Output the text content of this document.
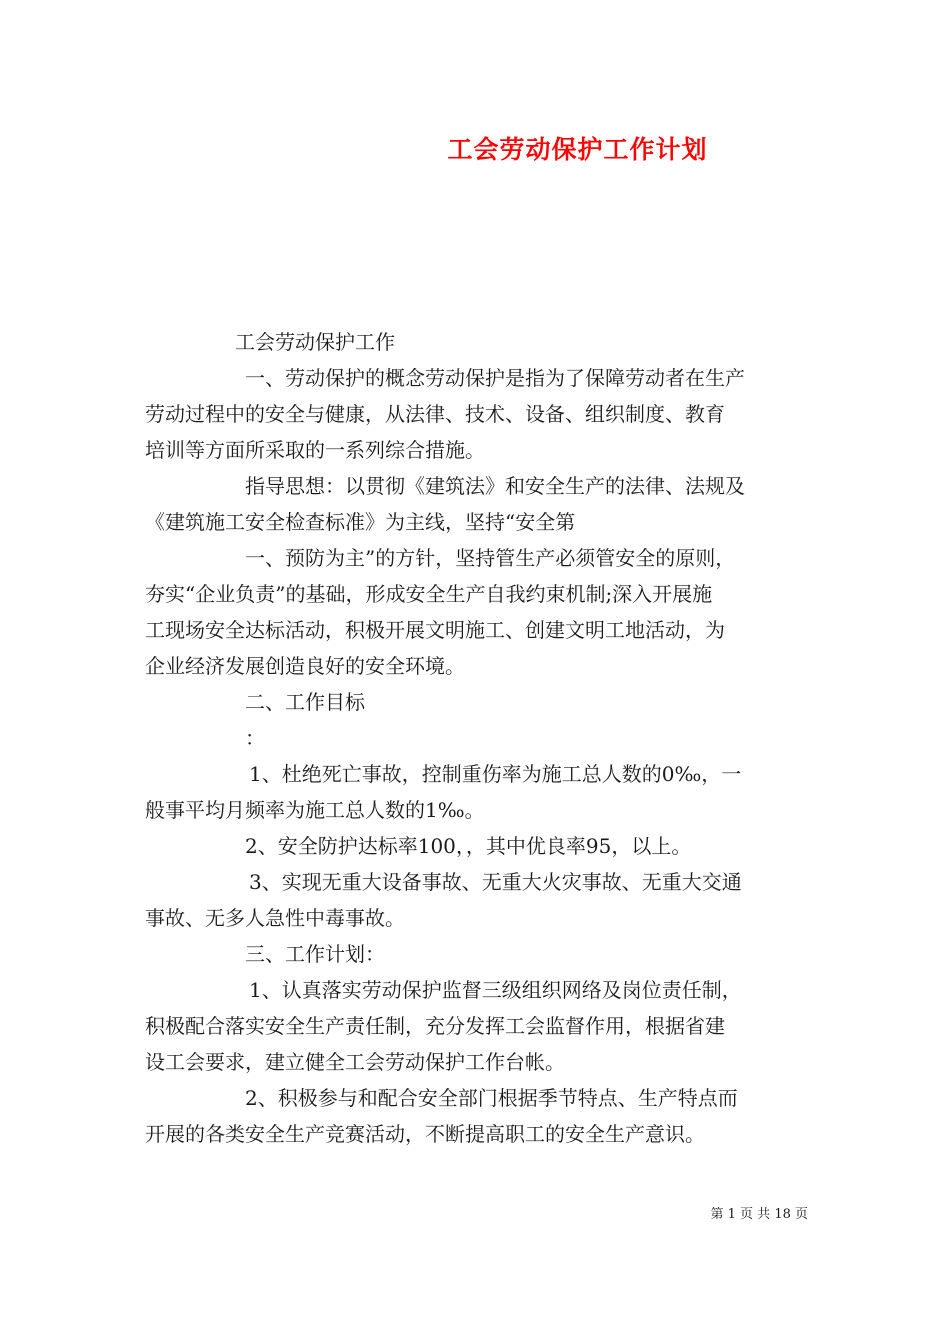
工会劳动保护工作计划

工会劳动保护工作

一、劳动保护的概念劳动保护是指为了保障劳动者在生产

劳动过程中的安全与健康，从法律、技术、设备、组织制度、教育

培训等方面所采取的一系列综合措施。

指导思想：以贯彻《建筑法》和安全生产的法律、法规及

《建筑施工安全检查标准》为主线，坚持“安全第

一、预防为主”的方针，坚持管生产必须管安全的原则，

夯实“企业负责”的基础，形成安全生产自我约束机制;深入开展施

工现场安全达标活动，积极开展文明施工、创建文明工地活动，为

企业经济发展创造良好的安全环境。

二、工作目标

：

1、杜绝死亡事故，控制重伤率为施工总人数的0‰，一

般事平均月频率为施工总人数的1‰。

2、安全防护达标率100，，其中优良率95，以上。

3、实现无重大设备事故、无重大火灾事故、无重大交通

事故、无多人急性中毒事故。

三、工作计划：

1、认真落实劳动保护监督三级组织网络及岗位责任制，

积极配合落实安全生产责任制，充分发挥工会监督作用，根据省建

设工会要求，建立健全工会劳动保护工作台帐。

2、积极参与和配合安全部门根据季节特点、生产特点而

开展的各类安全生产竞赛活动，不断提高职工的安全生产意识。

第 1 页 共 18 页
